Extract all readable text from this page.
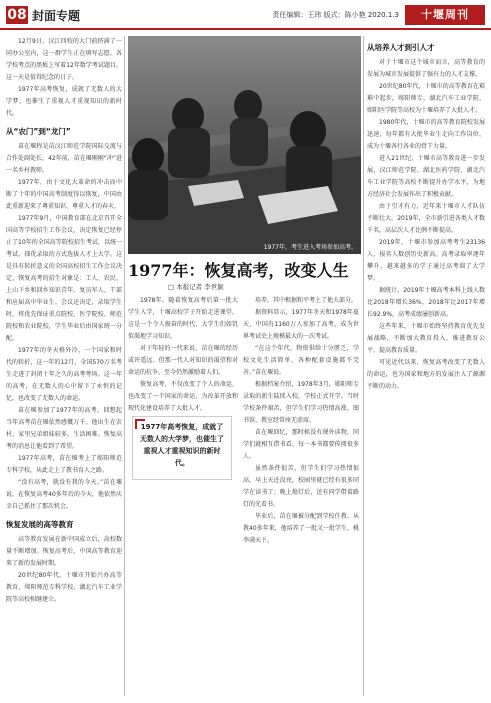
08 封面专题	责任编辑：王玮 版式：陈小艳 2020.1.3	十堰周刊

12月9日，汉江四校的大门前挤满了一同办公室内，这一群学生正在填写志愿。各学校考点的黑板上写着12年数学考试题目。这一天是值得纪念的日子。

1977年高考恢复，成就了无数人的大学梦，也催生了重视人才重视知识的新时代。

从“农门”到“龙门”

苗在堰程是苗汉江师范学院国际交流与合作处副处长。42年前，苗在堰刚刚“冲”进一名乡村教师。

1977年，由于文化大革命的冲击而中断了十年的中国高考制度得以恢复，中国由此重新迎来了尊重知识、尊重人才的春天。

1977年9月，中国教育部在北京召开全国高等学校招生工作会议，决定恢复已经停止了10年的全国高等院校招生考试，以统一考试、择优录取的方式选拔人才上大学。这是具有转折意义的全国高校招生工作会议决定，恢复高考的招生对象是：工人、农民、上山下乡和回乡知识青年、复员军人、干部和应届高中毕业生。会议还决定，录取学生时，将优先保证重点院校、医学院校、师范院校和农业院校，学生毕业后由国家统一分配。

1977年的冬天格外冷，一个国家和时代的转折，这一年的12月，全国570万名考生走进了封闭十年之久的高考考场。这一年的高考，在无数人的心中留下了永恒的记忆，也改变了无数人的命运。

苗在堰参加了1977年的高考，回想起当年高考苗在堰依然感慨万千。他出生在农村，家里兄弟姐妹较多，生活困难。恢复高考的消息让他看到了希望。

1977年高考，苗在堰考上了郧阳师范专科学校，从此走上了教书育人之路。

“没有高考，就没有我的今天。”苗在堰说，在恢复高考40多年后的今天，他依然庆幸自己抓住了那次机会。

恢复发展的高等教育

高等教育发展在新中国成立后，高校数量不断增加。恢复高考后，中国高等教育迎来了新的发展时期。

20世纪80年代，十堰市开始兴办高等教育，郧阳师范专科学校、湖北汽车工业学院等高校相继建立。

1977年，考生进入考场参加高考。
1977年：恢复高考，改变人生
□ 本报记者 李世颖

1978年，随着恢复高考后第一批大学生入学，十堰高校学子开始走进课堂。这是一个令人振奋的时代，大学生们如饥似渴地学习知识。

对于年轻的一代来说，苗在堰的经历或许遥远。但那一代人对知识的渴望和对命运的抗争，至今仍然激励着人们。

恢复高考，不仅改变了个人的命运，也改变了一个国家的命运，为改革开放和现代化建设培养了大批人才。

1977年高考恢复，成就了无数人的大学梦，也催生了重视人才重视知识的新时代。

培养，其中根据和平考上了他大部分。

据资料显示，1977年冬天和1978年夏天，中国有1160万人参加了高考，成为世界考试史上规模最大的一次考试。

“在这个年代，物资供给十分匮乏，学校文化生活简单，各种配套设施都不完善。”苗在堰说。

根据档案介绍，1978年3月，郧阳师专录取的新生陆续入校，学校正式开学。当时学校条件艰苦，但学生们学习热情高涨，图书馆、教室经常座无虚席。

苗在堰回忆，那时候没有课外读物，同学们就相互借书看，每一本书都要传阅很多人。

虽然条件很苦，但学生们学习热情很高，早上天还没亮，校园里就已经有很多同学在读书了；晚上熄灯后，还有同学借着路灯的光看书。

毕业后，苗在堰被分配到学校任教。从教40多年来，他培养了一批又一批学生，桃李满天下。

从培养人才到引人才

对于十堰市这个城市而言，高等教育的发展为城市发展提供了强有力的人才支撑。

20世纪80年代，十堰市的高等教育在艰难中起步，郧阳师专、湖北汽车工业学院、郧阳医学院等高校为十堰培养了大批人才。

1980年代，十堰市的高等教育院校发展迅速，每年都有大批毕业生走向工作岗位，成为十堰各行各业的骨干力量。

进入21世纪，十堰市高等教育进一步发展，汉江师范学院、湖北医药学院、湖北汽车工业学院等高校不断提升办学水平，为地方经济社会发展作出了积极贡献。

由于引才有力，近年来十堰市人才队伍不断壮大。2019年，全市新引进各类人才数千名，高层次人才比例不断提高。

2019年，十堰市参加高考考生23136人，报名人数创历史新高。高考录取率逐年攀升，越来越多的学子通过高考圆了大学梦。

据统计，2019年十堰高考本科上线人数比2018年增长36%，2018年比2017年增长92.9%，高考成绩屡创新高。

这些年来，十堰市始终坚持教育优先发展战略，不断加大教育投入，推进教育公平，提高教育质量。

可见近代以来，恢复高考改变了无数人的命运，也为国家和地方的发展注入了源源不断的动力。
